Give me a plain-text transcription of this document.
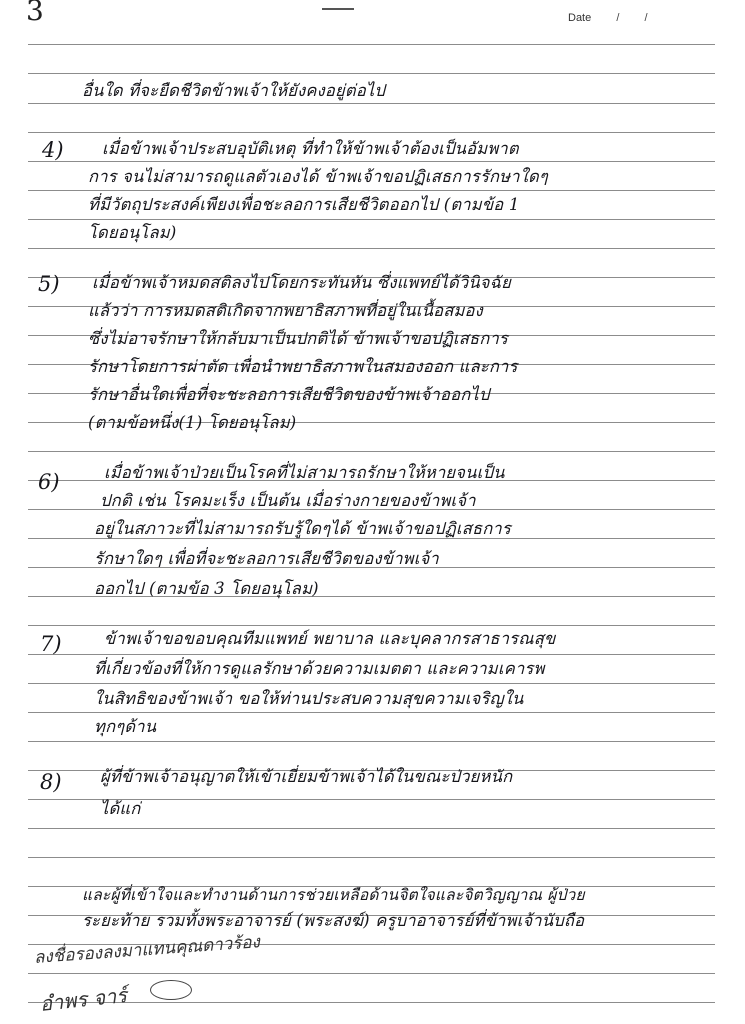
3	Date / /

อื่นใด ที่จะยืดชีวิตข้าพเจ้าให้ยังคงอยู่ต่อไป

4) เมื่อข้าพเจ้าประสบอุบัติเหตุ ที่ทำให้ข้าพเจ้าต้องเป็นอัมพาต

การ จนไม่สามารถดูแลตัวเองได้ ข้าพเจ้าขอปฏิเสธการรักษาใดๆ

ที่มีวัตถุประสงค์เพียงเพื่อชะลอการเสียชีวิตออกไป (ตามข้อ 1

โดยอนุโลม)

5) เมื่อข้าพเจ้าหมดสติลงไปโดยกระทันหัน ซึ่งแพทย์ได้วินิจฉัย

แล้วว่า การหมดสติเกิดจากพยาธิสภาพที่อยู่ในเนื้อสมอง

ซึ่งไม่อาจรักษาให้กลับมาเป็นปกติได้ ข้าพเจ้าขอปฏิเสธการ

รักษาโดยการผ่าตัด เพื่อนำพยาธิสภาพในสมองออก และการ

รักษาอื่นใดเพื่อที่จะชะลอการเสียชีวิตของข้าพเจ้าออกไป

(ตามข้อหนึ่ง(1) โดยอนุโลม)

6)	เมื่อข้าพเจ้าป่วยเป็นโรคที่ไม่สามารถรักษาให้หายจนเป็น

ปกติ เช่น โรคมะเร็ง เป็นต้น เมื่อร่างกายของข้าพเจ้า

อยู่ในสภาวะที่ไม่สามารถรับรู้ใดๆได้ ข้าพเจ้าขอปฏิเสธการ

รักษาใดๆ เพื่อที่จะชะลอการเสียชีวิตของข้าพเจ้า

ออกไป (ตามข้อ 3 โดยอนุโลม)

7)	ข้าพเจ้าขอขอบคุณทีมแพทย์ พยาบาล และบุคลากรสาธารณสุข

ที่เกี่ยวข้องที่ให้การดูแลรักษาด้วยความเมตตา และความเคารพ

ในสิทธิของข้าพเจ้า ขอให้ท่านประสบความสุขความเจริญใน

ทุกๆด้าน

8) ผู้ที่ข้าพเจ้าอนุญาตให้เข้าเยี่ยมข้าพเจ้าได้ในขณะป่วยหนัก

ได้แก่

และผู้ที่เข้าใจและทำงานด้านการช่วยเหลือด้านจิตใจและจิตวิญญาณ ผู้ป่วย

ระยะท้าย รวมทั้งพระอาจารย์ (พระสงฆ์) ครูบาอาจารย์ที่ข้าพเจ้านับถือ

ลงชื่อรองลงมาแทนคุณดาวร้อง
อำพร จาร์
